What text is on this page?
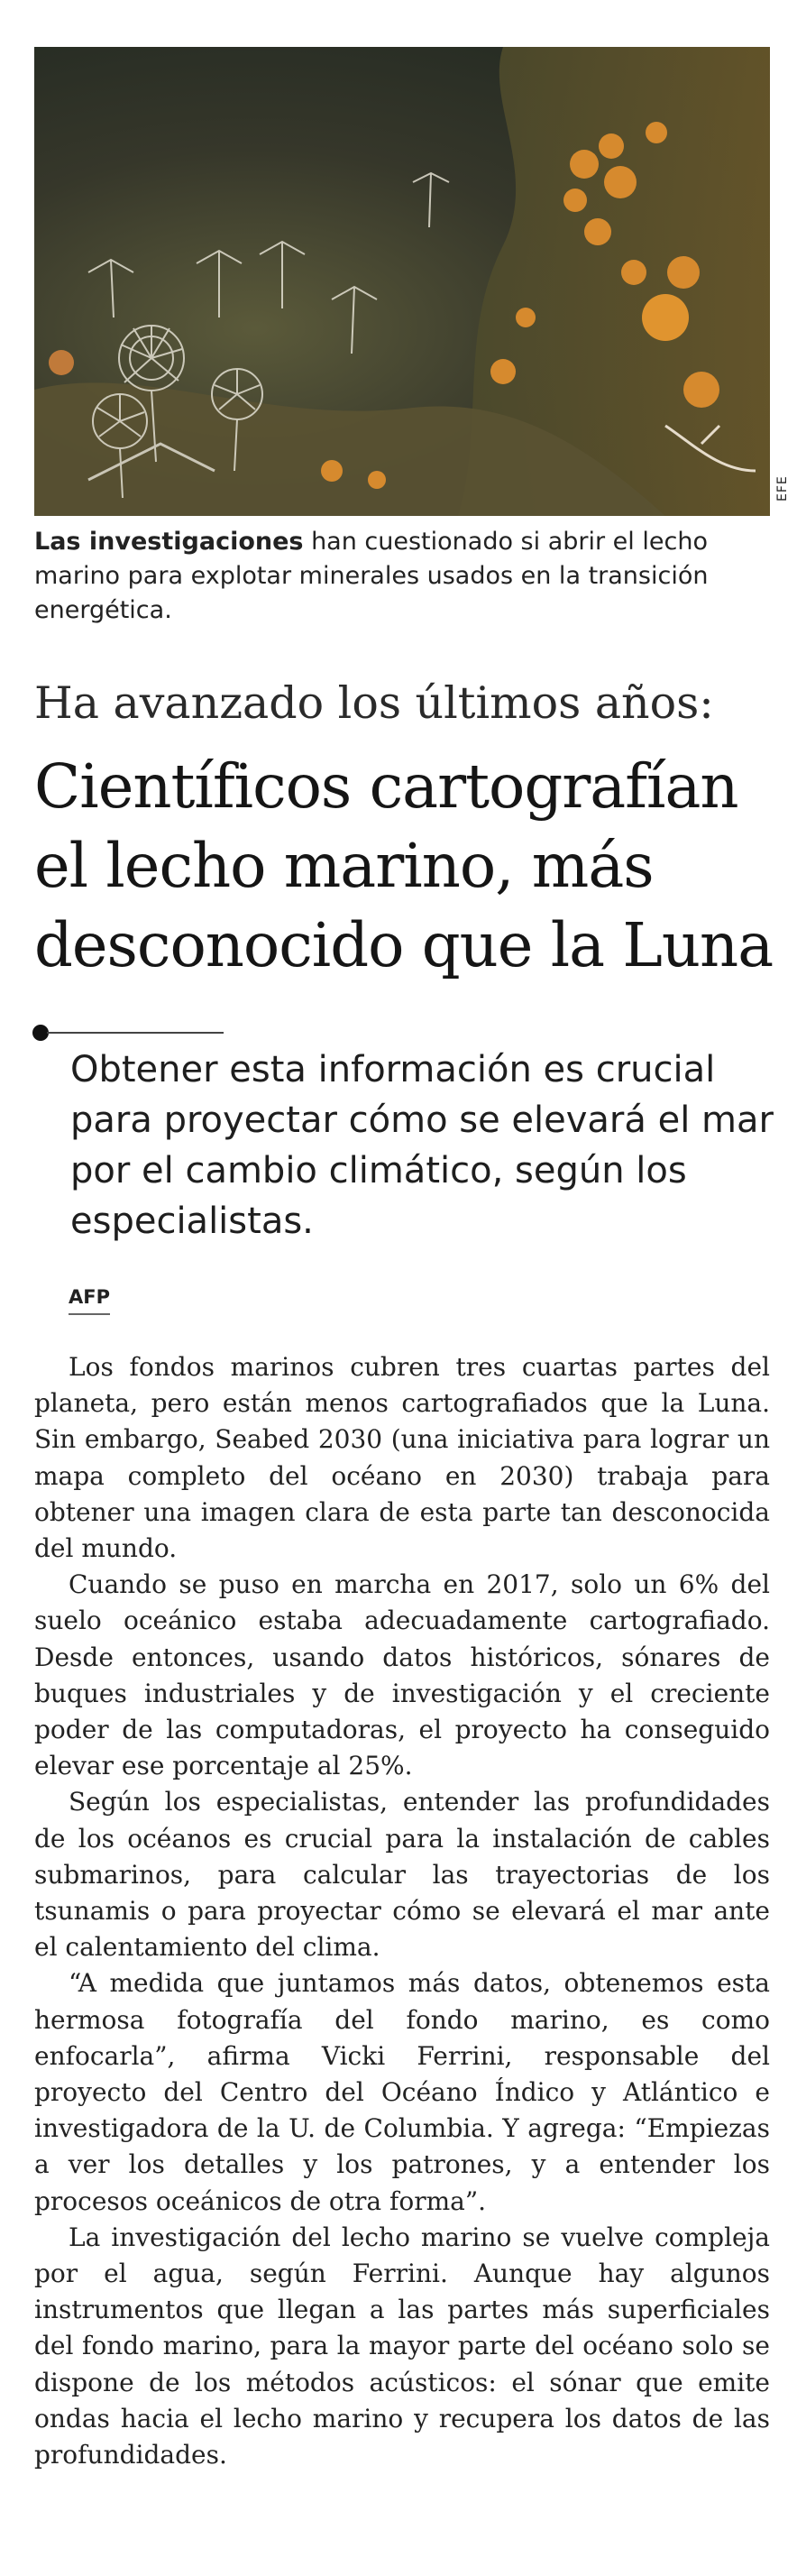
EFE
Las investigaciones han cuestionado si abrir el lecho marino para explotar minerales usados en la transición energética.
Ha avanzado los últimos años:
Científicos cartografían el lecho marino, más desconocido que la Luna
Obtener esta información es crucial para proyectar cómo se elevará el mar por el cambio climático, según los especialistas.
AFP

Los fondos marinos cubren tres cuartas partes del planeta, pero están menos cartografiados que la Luna. Sin embargo, Seabed 2030 (una iniciativa para lograr un mapa completo del océano en 2030) trabaja para obtener una imagen clara de esta parte tan desconocida del mundo.

Cuando se puso en marcha en 2017, solo un 6% del suelo oceánico estaba adecuadamente cartografiado. Desde entonces, usando datos históricos, sónares de buques industriales y de investigación y el creciente poder de las computadoras, el proyecto ha conseguido elevar ese porcentaje al 25%.

Según los especialistas, entender las profundidades de los océanos es crucial para la instalación de cables submarinos, para calcular las trayectorias de los tsunamis o para proyectar cómo se elevará el mar ante el calentamiento del clima.

“A medida que juntamos más datos, obtenemos esta hermosa fotografía del fondo marino, es como enfocarla”, afirma Vicki Ferrini, responsable del proyecto del Centro del Océano Índico y Atlántico e investigadora de la U. de Columbia. Y agrega: “Empiezas a ver los detalles y los patrones, y a entender los procesos oceánicos de otra forma”.

La investigación del lecho marino se vuelve compleja por el agua, según Ferrini. Aunque hay algunos instrumentos que llegan a las partes más superficiales del fondo marino, para la mayor parte del océano solo se dispone de los métodos acústicos: el sónar que emite ondas hacia el lecho marino y recupera los datos de las profundidades.
